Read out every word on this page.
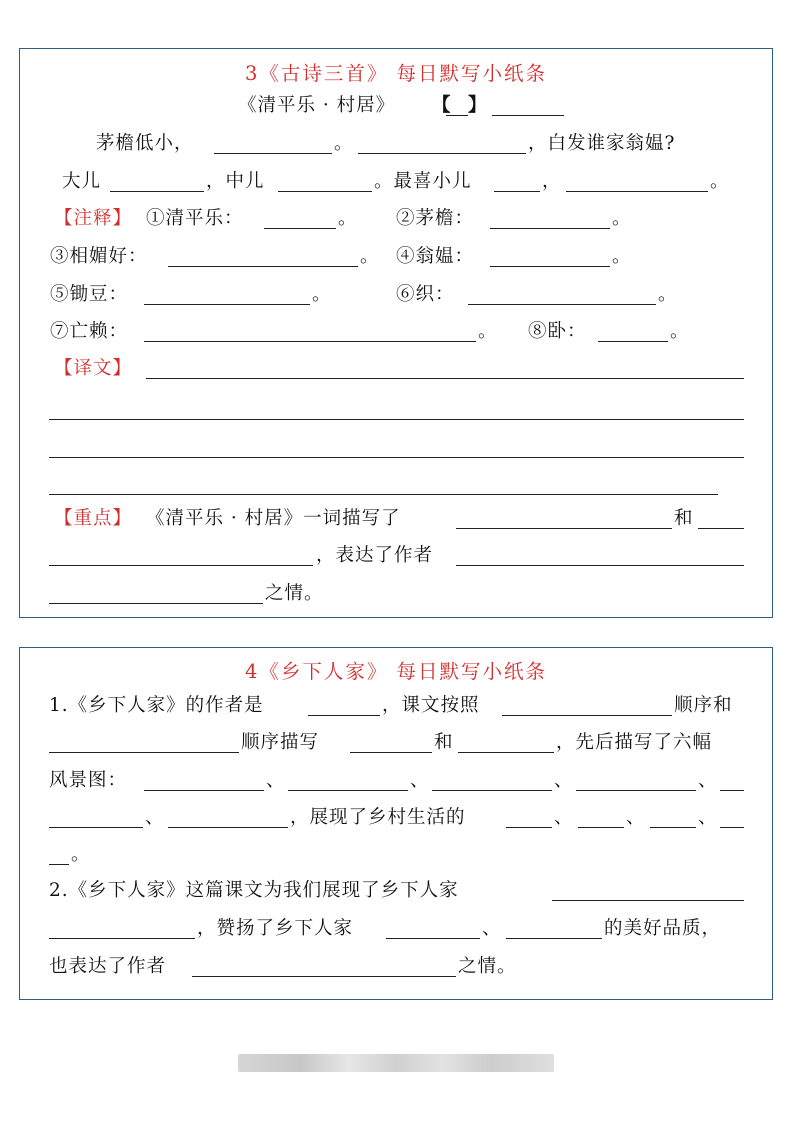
3《古诗三首》 每日默写小纸条
《清平乐 · 村居》 【 】
茅檐低小，	。	，白发谁家翁媪?
大儿	，中儿	。最喜小儿	，	。
【注释】 ①清平乐：	。 ②茅檐：	。
③相媚好：	。 ④翁媪：	。
⑤锄豆：	。	⑥织：	。
⑦亡赖：	。 ⑧卧：	。
【译文】
【重点】 《清平乐 · 村居》一词描写了	和
，表达了作者
之情。
4《乡下人家》 每日默写小纸条
1.《乡下人家》的作者是	，课文按照	顺序和
顺序描写	和	，先后描写了六幅
风景图：	、	、	、	、
、	，展现了乡村生活的	、	、	、
。
2.《乡下人家》这篇课文为我们展现了乡下人家
，赞扬了乡下人家	、	的美好品质，
也表达了作者	之情。
